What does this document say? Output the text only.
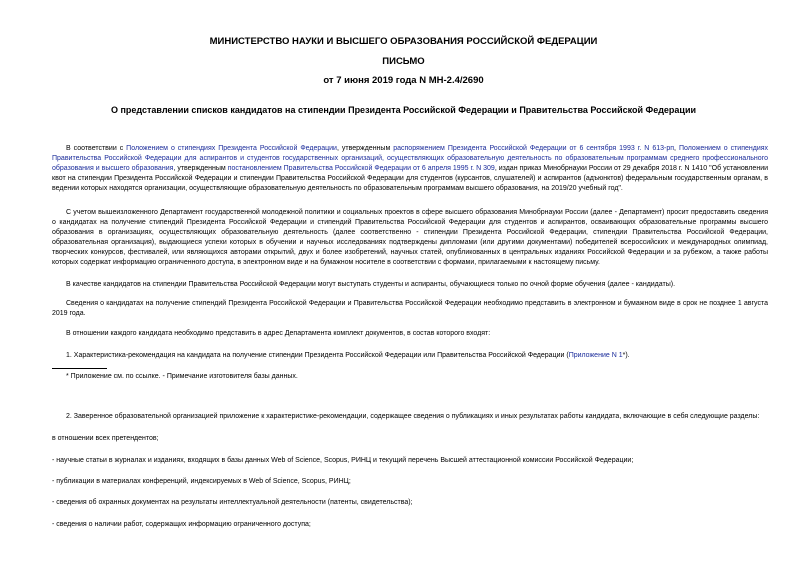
МИНИСТЕРСТВО НАУКИ И ВЫСШЕГО ОБРАЗОВАНИЯ РОССИЙСКОЙ ФЕДЕРАЦИИ
ПИСЬМО
от 7 июня 2019 года N МН-2.4/2690
О представлении списков кандидатов на стипендии Президента Российской Федерации и Правительства Российской Федерации
В соответствии с Положением о стипендиях Президента Российской Федерации, утвержденным распоряжением Президента Российской Федерации от 6 сентября 1993 г. N 613-рп, Положением о стипендиях Правительства Российской Федерации для аспирантов и студентов государственных организаций, осуществляющих образовательную деятельность по образовательным программам среднего профессионального образования и высшего образования, утвержденным постановлением Правительства Российской Федерации от 6 апреля 1995 г. N 309, издан приказ Минобрнауки России от 29 декабря 2018 г. N 1410 "Об установлении квот на стипендии Президента Российской Федерации и стипендии Правительства Российской Федерации для студентов (курсантов, слушателей) и аспирантов (адъюнктов) федеральным государственным органам, в ведении которых находятся организации, осуществляющие образовательную деятельность по образовательным программам высшего образования, на 2019/20 учебный год".
С учетом вышеизложенного Департамент государственной молодежной политики и социальных проектов в сфере высшего образования Минобрнауки России (далее - Департамент) просит предоставить сведения о кандидатах на получение стипендий Президента Российской Федерации и стипендий Правительства Российской Федерации для студентов и аспирантов, осваивающих образовательные программы высшего образования в организациях, осуществляющих образовательную деятельность (далее соответственно - стипендии Президента Российской Федерации, стипендии Правительства Российской Федерации, образовательная организация), выдающиеся успехи которых в обучении и научных исследованиях подтверждены дипломами (или другими документами) победителей всероссийских и международных олимпиад, творческих конкурсов, фестивалей, или являющихся авторами открытий, двух и более изобретений, научных статей, опубликованных в центральных изданиях Российской Федерации и за рубежом, а также работы которых содержат информацию ограниченного доступа, в электронном виде и на бумажном носителе в соответствии с формами, прилагаемыми к настоящему письму.
В качестве кандидатов на стипендии Правительства Российской Федерации могут выступать студенты и аспиранты, обучающиеся только по очной форме обучения (далее - кандидаты).
Сведения о кандидатах на получение стипендий Президента Российской Федерации и Правительства Российской Федерации необходимо представить в электронном и бумажном виде в срок не позднее 1 августа 2019 года.
В отношении каждого кандидата необходимо представить в адрес Департамента комплект документов, в состав которого входят:
1. Характеристика-рекомендация на кандидата на получение стипендии Президента Российской Федерации или Правительства Российской Федерации (Приложение N 1*).
* Приложение см. по ссылке. - Примечание изготовителя базы данных.
2. Заверенное образовательной организацией приложение к характеристике-рекомендации, содержащее сведения о публикациях и иных результатах работы кандидата, включающие в себя следующие разделы:
в отношении всех претендентов;
- научные статьи в журналах и изданиях, входящих в базы данных Web of Science, Scopus, РИНЦ и текущий перечень Высшей аттестационной комиссии Российской Федерации;
- публикации в материалах конференций, индексируемых в Web of Science, Scopus, РИНЦ;
- сведения об охранных документах на результаты интеллектуальной деятельности (патенты, свидетельства);
- сведения о наличии работ, содержащих информацию ограниченного доступа;
